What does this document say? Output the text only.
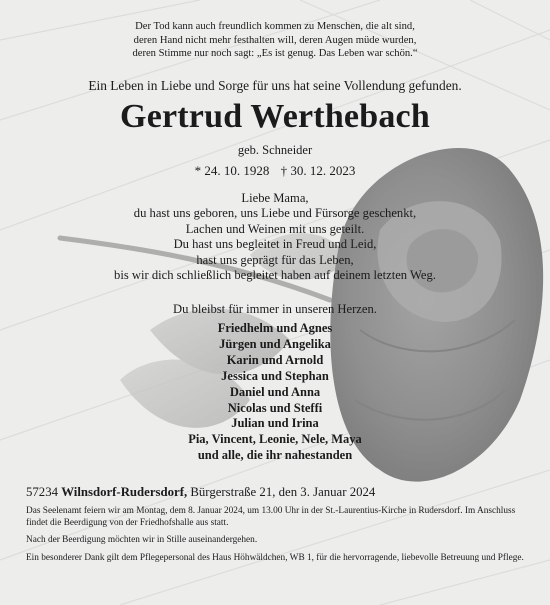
Der Tod kann auch freundlich kommen zu Menschen, die alt sind,
deren Hand nicht mehr festhalten will, deren Augen müde wurden,
deren Stimme nur noch sagt: „Es ist genug. Das Leben war schön.“
Ein Leben in Liebe und Sorge für uns hat seine Vollendung gefunden.
Gertrud Werthebach
geb. Schneider
* 24. 10. 1928 † 30. 12. 2023
Liebe Mama,
du hast uns geboren, uns Liebe und Fürsorge geschenkt,
Lachen und Weinen mit uns geteilt.
Du hast uns begleitet in Freud und Leid,
hast uns geprägt für das Leben,
bis wir dich schließlich begleitet haben auf deinem letzten Weg.
Du bleibst für immer in unseren Herzen.
Friedhelm und Agnes
Jürgen und Angelika
Karin und Arnold
Jessica und Stephan
Daniel und Anna
Nicolas und Steffi
Julian und Irina
Pia, Vincent, Leonie, Nele, Maya
und alle, die ihr nahestanden
57234 Wilnsdorf-Rudersdorf, Bürgerstraße 21, den 3. Januar 2024

Das Seelenamt feiern wir am Montag, dem 8. Januar 2024, um 13.00 Uhr in der St.-Laurentius-Kirche in Rudersdorf. Im Anschluss findet die Beerdigung von der Friedhofshalle aus statt.

Nach der Beerdigung möchten wir in Stille auseinandergehen.

Ein besonderer Dank gilt dem Pflegepersonal des Haus Höhwäldchen, WB 1, für die hervorragende, liebevolle Betreuung und Pflege.
